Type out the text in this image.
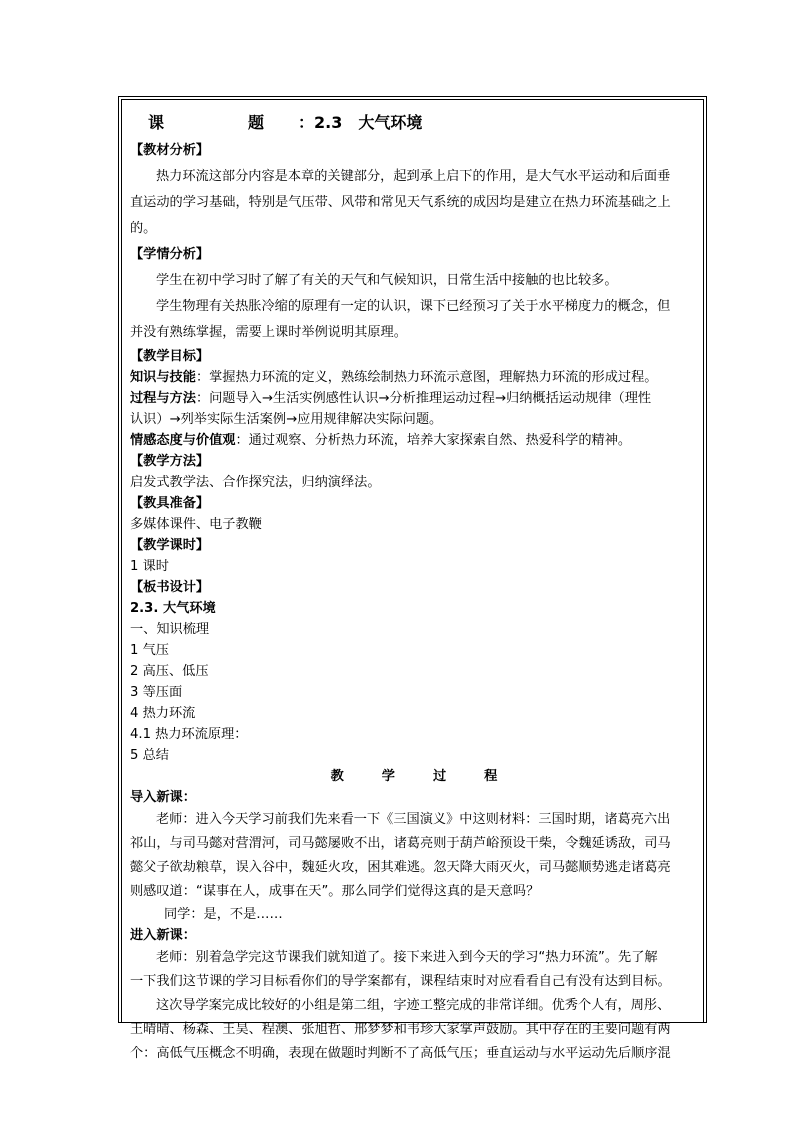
课　题：2.3　大气环境
【教材分析】
热力环流这部分内容是本章的关键部分，起到承上启下的作用，是大气水平运动和后面垂
直运动的学习基础，特别是气压带、风带和常见天气系统的成因均是建立在热力环流基础之上
的。
【学情分析】
学生在初中学习时了解了有关的天气和气候知识，日常生活中接触的也比较多。
学生物理有关热胀冷缩的原理有一定的认识，课下已经预习了关于水平梯度力的概念，但
并没有熟练掌握，需要上课时举例说明其原理。
【教学目标】
知识与技能：掌握热力环流的定义，熟练绘制热力环流示意图，理解热力环流的形成过程。
过程与方法：问题导入→生活实例感性认识→分析推理运动过程→归纳概括运动规律（理性
认识）→列举实际生活案例→应用规律解决实际问题。
情感态度与价值观：通过观察、分析热力环流，培养大家探索自然、热爱科学的精神。
【教学方法】
启发式教学法、合作探究法，归纳演绎法。
【教具准备】
多媒体课件、电子教鞭
【教学课时】
1 课时
【板书设计】
2.3. 大气环境
一、知识梳理
1 气压
2 高压、低压
3 等压面
4 热力环流
4.1 热力环流原理：
5 总结
教学过程
导入新课：
老师：进入今天学习前我们先来看一下《三国演义》中这则材料：三国时期，诸葛亮六出
祁山，与司马懿对营渭河，司马懿屡败不出，诸葛亮则于葫芦峪预设干柴，令魏延诱敌，司马
懿父子欲劫粮草，误入谷中，魏延火攻，困其难逃。忽天降大雨灭火，司马懿顺势逃走诸葛亮
则感叹道：“谋事在人，成事在天”。那么同学们觉得这真的是天意吗？
同学：是，不是……
进入新课：
老师：别着急学完这节课我们就知道了。接下来进入到今天的学习“热力环流”。先了解
一下我们这节课的学习目标看你们的导学案都有，课程结束时对应看看自己有没有达到目标。
这次导学案完成比较好的小组是第二组，字迹工整完成的非常详细。优秀个人有，周彤、
王晴晴、杨森、王昊、程澳、张旭哲、邢梦梦和韦珍大家掌声鼓励。其中存在的主要问题有两
个：高低气压概念不明确，表现在做题时判断不了高低气压；垂直运动与水平运动先后顺序混
